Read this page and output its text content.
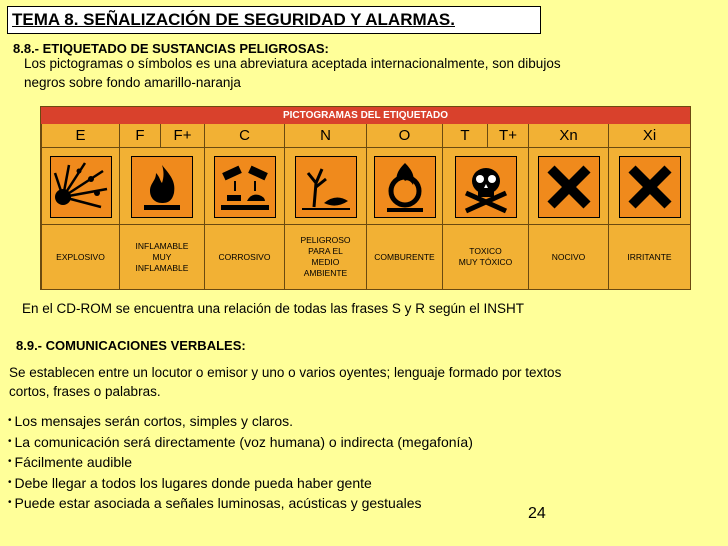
TEMA 8. SEÑALIZACIÓN DE SEGURIDAD Y ALARMAS.
8.8.- ETIQUETADO DE SUSTANCIAS PELIGROSAS:
Los pictogramas o símbolos es una abreviatura aceptada internacionalmente, son dibujos
negros sobre fondo amarillo-naranja
PICTOGRAMAS DEL ETIQUETADO
E
EXPLOSIVO
F	F+
INFLAMABLE
MUY
INFLAMABLE
C
CORROSIVO
N
PELIGROSO
PARA EL
MEDIO
AMBIENTE
O
COMBURENTE
T	T+
TOXICO
MUY TÓXICO
Xn
NOCIVO
Xi
IRRITANTE
En el CD-ROM se encuentra una relación de todas las frases S y R según el INSHT
8.9.- COMUNICACIONES VERBALES:
Se establecen entre un locutor o emisor y uno o varios oyentes; lenguaje formado por textos
cortos, frases o palabras.
• Los mensajes serán cortos, simples y claros.
• La comunicación será directamente (voz humana) o indirecta (megafonía)
• Fácilmente audible
• Debe llegar a todos los lugares donde pueda haber gente
• Puede estar asociada a señales luminosas, acústicas y gestuales
24
